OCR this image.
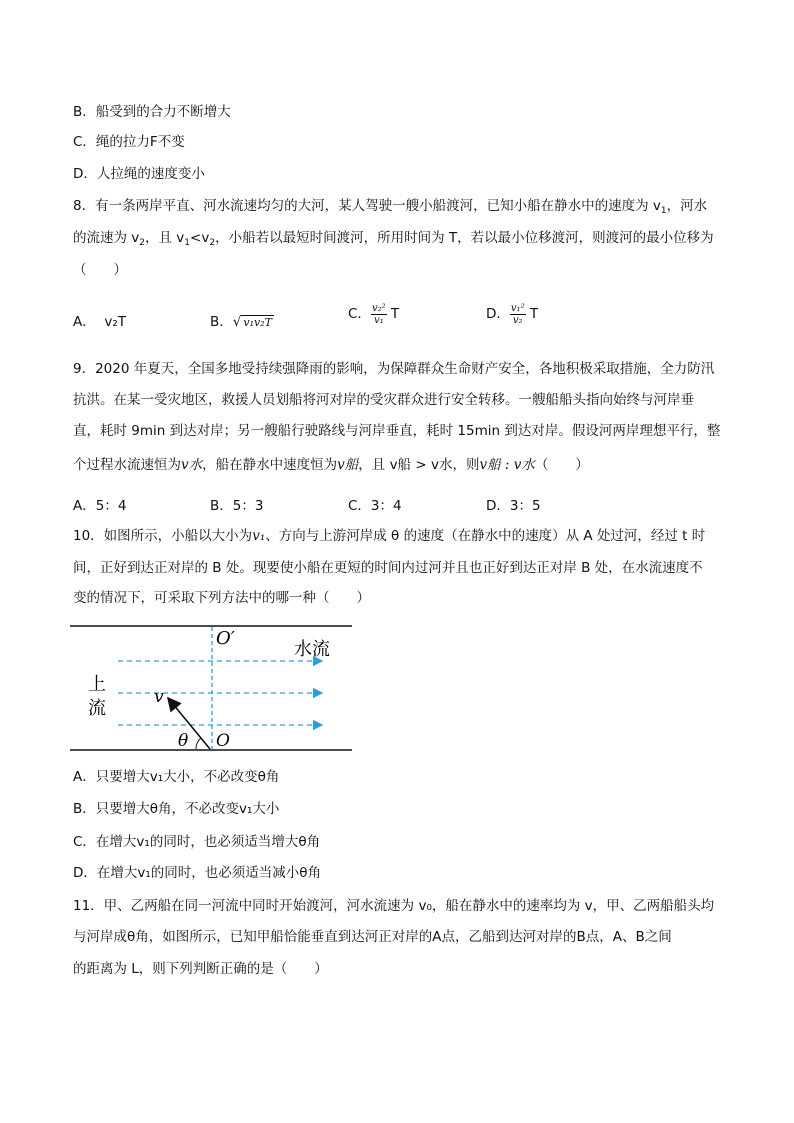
B．船受到的合力不断增大
C．绳的拉力F不变
D．人拉绳的速度变小
8．有一条两岸平直、河水流速均匀的大河，某人驾驶一艘小船渡河，已知小船在静水中的速度为 $v_1$，河水
的流速为 $v_2$，且 $v_1<v_2$，小船若以最短时间渡河，所用时间为 T，若以最小位移渡河，则渡河的最小位移为
（　　）
A． v₂T	B．√ v₁v₂T
C． $\frac{\text{v₂²}}{\text{v₁}}$ T	D． $\frac{\text{v₁²}}{\text{v₂}}$ T
9．2020 年夏天，全国多地受持续强降雨的影响，为保障群众生命财产安全，各地积极采取措施，全力防汛
抗洪。在某一受灾地区，救援人员划船将河对岸的受灾群众进行安全转移。一艘船船头指向始终与河岸垂
直，耗时 9min 到达对岸；另一艘船行驶路线与河岸垂直，耗时 15min 到达对岸。假设河两岸理想平行，整
个过程水流速恒为v水，船在静水中速度恒为v船，且 v船 > v水，则v船 : v水（　　）
A．5：4	B．5：3	C．3：4	D．3：5
10．如图所示，小船以大小为v₁、方向与上游河岸成 θ 的速度（在静水中的速度）从 A 处过河，经过 t 时
间，正好到达正对岸的 B 处。现要使小船在更短的时间内过河并且也正好到达正对岸 B 处，在水流速度不
变的情况下，可采取下列方法中的哪一种（　　）
O′
水流
上
流
v
θ O
A．只要增大v₁大小，不必改变θ角
B．只要增大θ角，不必改变v₁大小
C．在增大v₁的同时，也必须适当增大θ角
D．在增大v₁的同时，也必须适当减小θ角
11．甲、乙两船在同一河流中同时开始渡河，河水流速为 v₀，船在静水中的速率均为 v，甲、乙两船船头均
与河岸成θ角，如图所示，已知甲船恰能垂直到达河正对岸的A点，乙船到达河对岸的B点，A、B之间
的距离为 L，则下列判断正确的是（　　）
